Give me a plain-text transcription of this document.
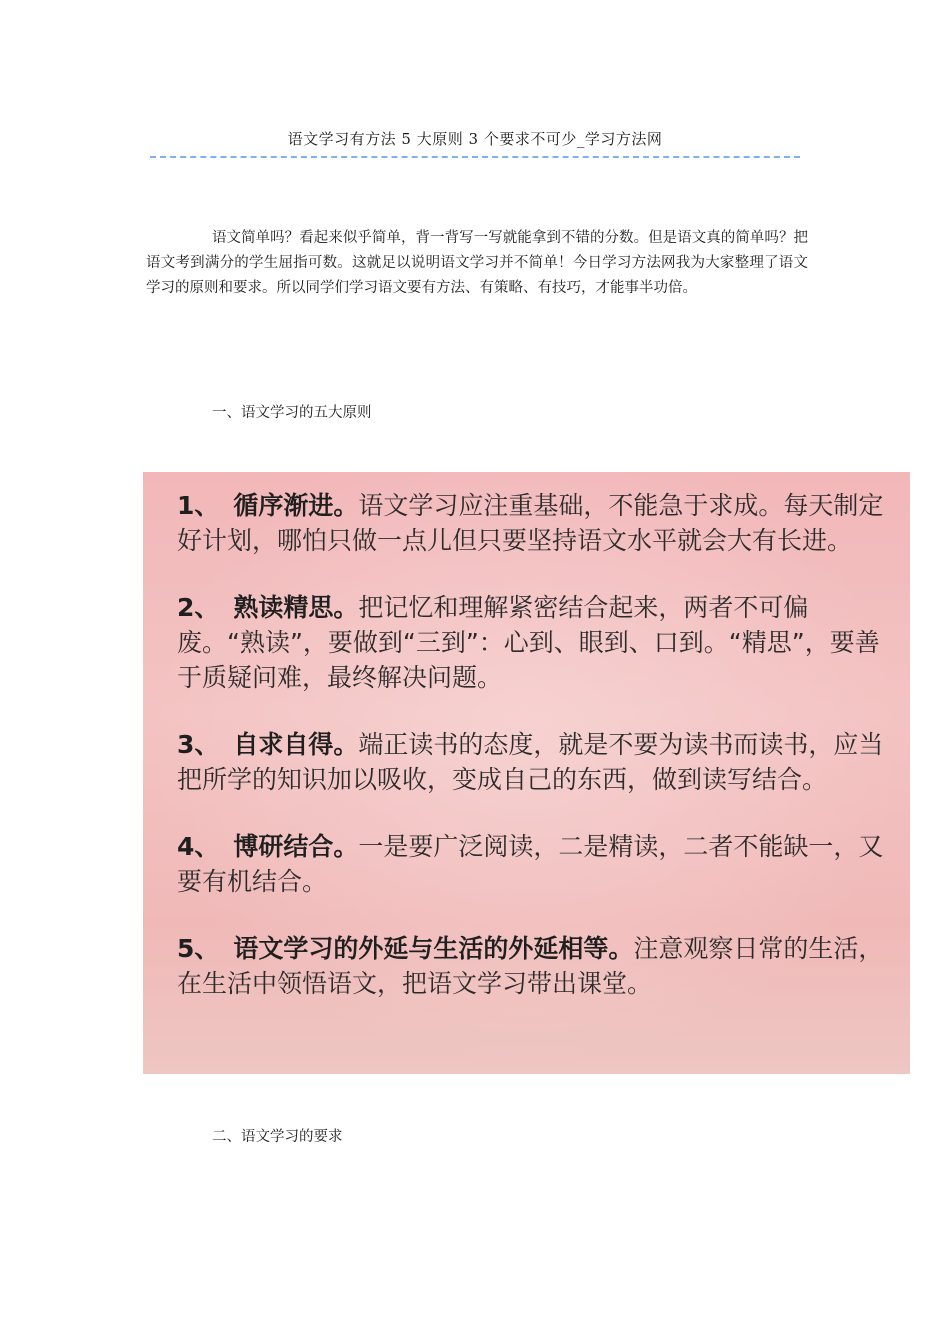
语文学习有方法 5 大原则 3 个要求不可少_学习方法网

语文简单吗？看起来似乎简单，背一背写一写就能拿到不错的分数。但是语文真的简单吗？把语文考到满分的学生屈指可数。这就足以说明语文学习并不简单！今日学习方法网我为大家整理了语文学习的原则和要求。所以同学们学习语文要有方法、有策略、有技巧，才能事半功倍。

一、语文学习的五大原则

1、 循序渐进。语文学习应注重基础，不能急于求成。每天制定好计划，哪怕只做一点儿但只要坚持语文水平就会大有长进。

2、 熟读精思。把记忆和理解紧密结合起来，两者不可偏废。“熟读”，要做到“三到”：心到、眼到、口到。“精思”，要善于质疑问难，最终解决问题。

3、 自求自得。端正读书的态度，就是不要为读书而读书，应当把所学的知识加以吸收，变成自己的东西，做到读写结合。

4、 博研结合。一是要广泛阅读，二是精读，二者不能缺一，又要有机结合。

5、 语文学习的外延与生活的外延相等。注意观察日常的生活，在生活中领悟语文，把语文学习带出课堂。

二、语文学习的要求
